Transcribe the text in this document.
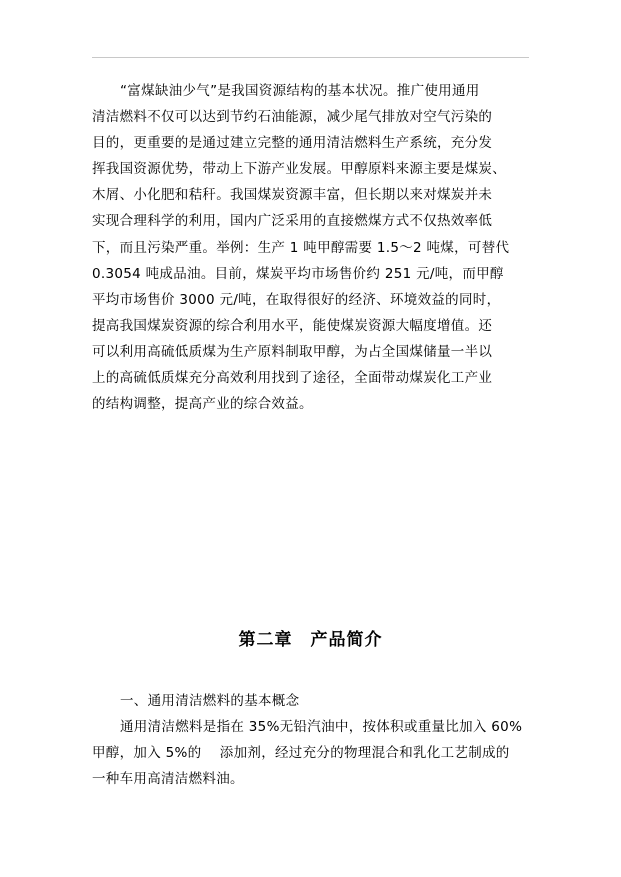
“富煤缺油少气”是我国资源结构的基本状况。推广使用通用
清洁燃料不仅可以达到节约石油能源，减少尾气排放对空气污染的
目的，更重要的是通过建立完整的通用清洁燃料生产系统，充分发
挥我国资源优势，带动上下游产业发展。甲醇原料来源主要是煤炭、
木屑、小化肥和秸秆。我国煤炭资源丰富，但长期以来对煤炭并未
实现合理科学的利用，国内广泛采用的直接燃煤方式不仅热效率低
下，而且污染严重。举例：生产 1 吨甲醇需要 1.5～2 吨煤，可替代
0.3054 吨成品油。目前，煤炭平均市场售价约 251 元/吨，而甲醇
平均市场售价 3000 元/吨，在取得很好的经济、环境效益的同时，
提高我国煤炭资源的综合利用水平，能使煤炭资源大幅度增值。还
可以利用高硫低质煤为生产原料制取甲醇，为占全国煤储量一半以
上的高硫低质煤充分高效利用找到了途径，全面带动煤炭化工产业
的结构调整，提高产业的综合效益。

第二章 产品简介

一、通用清洁燃料的基本概念

通用清洁燃料是指在 35%无铅汽油中，按体积或重量比加入 60%
甲醇，加入 5%的　 添加剂，经过充分的物理混合和乳化工艺制成的
一种车用高清洁燃料油。
